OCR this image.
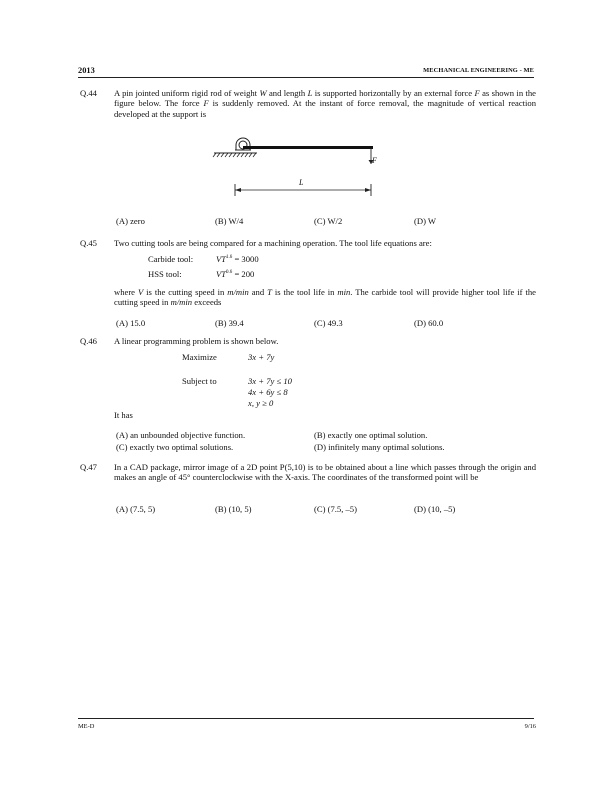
2013	MECHANICAL ENGINEERING - ME
Q.44	A pin jointed uniform rigid rod of weight W and length L is supported horizontally by an external force F as shown in the figure below. The force F is suddenly removed. At the instant of force removal, the magnitude of vertical reaction developed at the support is
F
L
(A) zero	(B) W/4	(C) W/2	(D) W
Q.45	Two cutting tools are being compared for a machining operation. The tool life equations are:
Carbide tool:	$VT^{1.6} = 3000$
HSS tool:	$VT^{0.6} = 200$
where V is the cutting speed in m/min and T is the tool life in min. The carbide tool will provide higher tool life if the cutting speed in m/min exceeds
(A) 15.0	(B) 39.4	(C) 49.3	(D) 60.0
Q.46	A linear programming problem is shown below.
Maximize	3x + 7y
Subject to	3x + 7y ≤ 10
4x + 6y ≤ 8
x, y ≥ 0
It has
(A) an unbounded objective function.	(B) exactly one optimal solution.
(C) exactly two optimal solutions.	(D) infinitely many optimal solutions.
Q.47	In a CAD package, mirror image of a 2D point P(5,10) is to be obtained about a line which passes through the origin and makes an angle of 45° counterclockwise with the X-axis. The coordinates of the transformed point will be
(A) (7.5, 5)	(B) (10, 5)	(C) (7.5, –5)	(D) (10, –5)
ME-D	9/16
